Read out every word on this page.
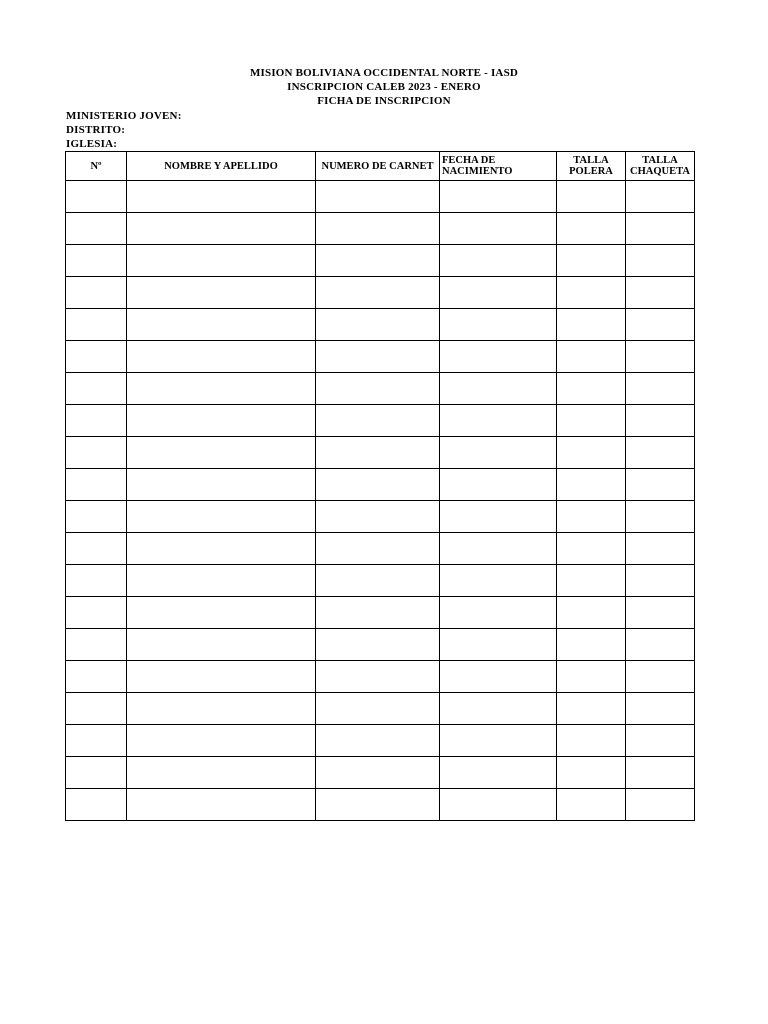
MISION BOLIVIANA OCCIDENTAL NORTE - IASD
INSCRIPCION CALEB 2023 - ENERO
FICHA DE INSCRIPCION
MINISTERIO JOVEN:
DISTRITO:
IGLESIA:
Nº	NOMBRE Y APELLIDO	NUMERO DE CARNET	FECHA DE NACIMIENTO	TALLA POLERA	TALLA CHAQUETA
